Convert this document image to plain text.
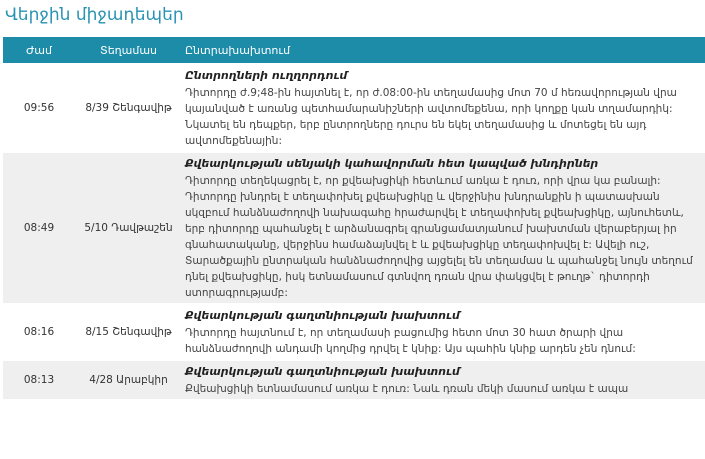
Վերջին միջադեպեր
Ժամ	Տեղամաս	Ընտրախախտում
09:56	8/39 Շենգավիթ	Ընտրողների ուղղորդում
Դիտորդը ժ.9;48-ին հայտնել է, որ ժ.08:00-ին տեղամասից մոտ 70 մ հեռավորության վրա կայանված է առանց պետհամարանիշների ավտոմեքենա, որի կողքը կան տղամարդիկ: Նկատել են դեպքեր, երբ ընտրողները դուրս են եկել տեղամասից և մոտեցել են այդ ավտոմեքենային:

08:49	5/10 Դավթաշեն	Քվեարկության սենյակի կահավորման հետ կապված խնդիրներ
Դիտորդը տեղեկացրել է, որ քվեախցիկի հետևում առկա է դուռ, որի վրա կա բանալի: Դիտորդը խնդրել է տեղափոխել քվեախցիկը և վերջինիս խնդրանքին ի պատասխան սկզբում հանձնաժողովի նախագահը հրաժարվել է տեղափոխել քվեախցիկը, այնուհետև, երբ դիտորդը պահանջել է արձանագրել գրանցամատյանում խախտման վերաբերյալ իր գնահատականը, վերջինս համաձայնվել է և քվեախցիկը տեղափոխվել է: Ավելի ուշ, Տարածքային ընտրական հանձնաժողովից այցելել են տեղամաս և պահանջել նույն տեղում դնել քվեախցիկը, իսկ ետնամասում գտնվող դռան վրա փակցվել է թուղթ` դիտորդի ստորագրությամբ:

08:16	8/15 Շենգավիթ	Քվեարկության գաղտնիության խախտում
Դիտորդը հայտնում է, որ տեղամասի բացումից հետո մոտ 30 հատ ծրարի վրա հանձնաժողովի անդամի կողմից դրվել է կնիք: Այս պահին կնիք արդեն չեն դնում:

08:13	4/28 Արաբկիր	Քվեարկության գաղտնիության խախտում
Քվեախցիկի ետնամասում առկա է դուռ: Նաև դռան մեկի մասում առկա է ապա
